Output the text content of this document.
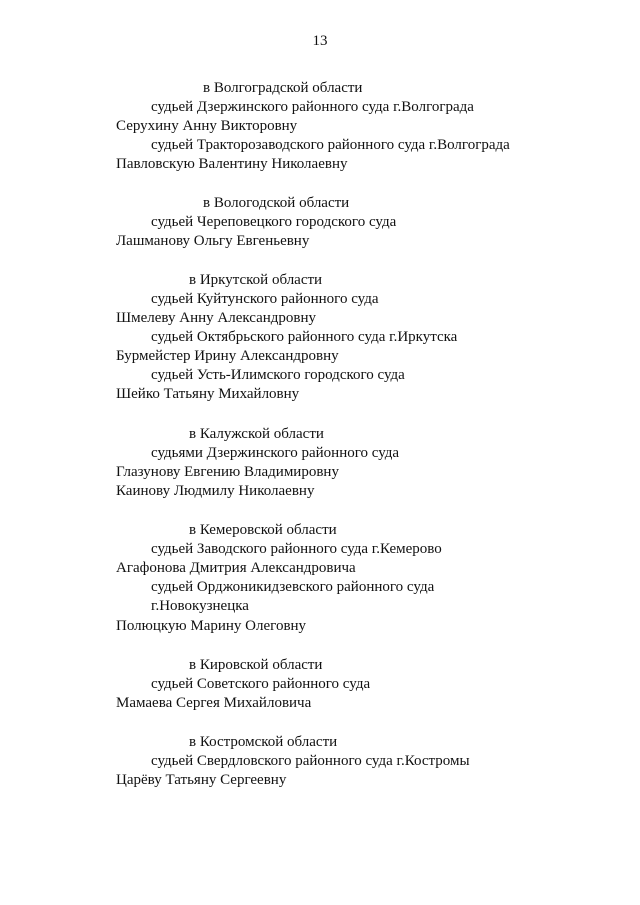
13
в Волгоградской области
судьей Дзержинского районного суда г.Волгограда
Серухину Анну Викторовну
судьей Тракторозаводского районного суда г.Волгограда
Павловскую Валентину Николаевну
в Вологодской области
судьей Череповецкого городского суда
Лашманову Ольгу Евгеньевну
в Иркутской области
судьей Куйтунского районного суда
Шмелеву Анну Александровну
судьей Октябрьского районного суда г.Иркутска
Бурмейстер Ирину Александровну
судьей Усть-Илимского городского суда
Шейко Татьяну Михайловну
в Калужской области
судьями Дзержинского районного суда
Глазунову Евгению Владимировну
Каинову Людмилу Николаевну
в Кемеровской области
судьей Заводского районного суда г.Кемерово
Агафонова Дмитрия Александровича
судьей Орджоникидзевского районного суда
г.Новокузнецка
Полюцкую Марину Олеговну
в Кировской области
судьей Советского районного суда
Мамаева Сергея Михайловича
в Костромской области
судьей Свердловского районного суда г.Костромы
Царёву Татьяну Сергеевну
